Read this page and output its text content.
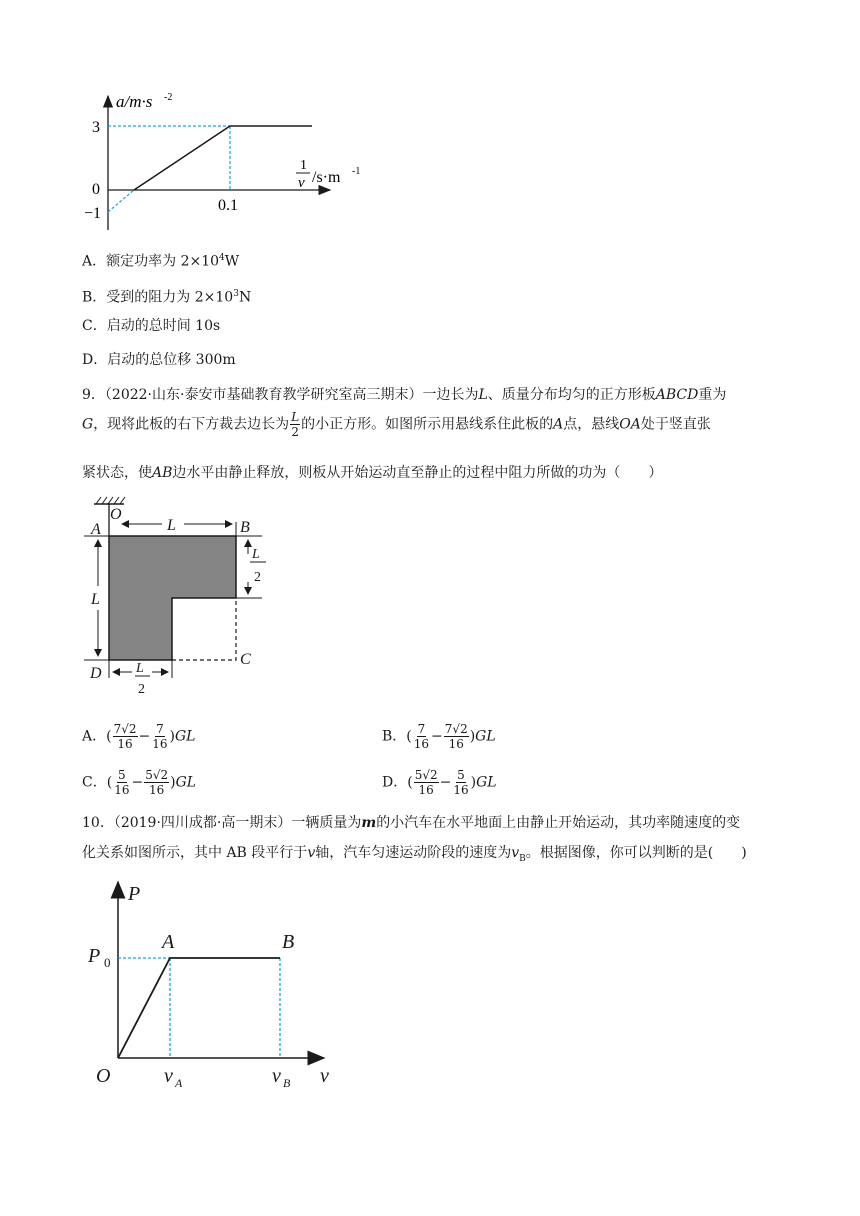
a/m·s -2
3
0
−1	0.1
1
v /s·m -1
A．额定功率为 $2\times 10^4W$
B．受到的阻力为 $2\times 10^3N$
C．启动的总时间 10s
D．启动的总位移 300m
9．（2022·山东·泰安市基础教育教学研究室高三期末）一边长为L、质量分布均匀的正方形板ABCD重为
G，现将此板的右下方裁去边长为 $\frac{L}{2}$ 的小正方形。如图所示用悬线系住此板的A点，悬线OA处于竖直张
紧状态，使AB边水平由静止释放，则板从开始运动直至静止的过程中阻力所做的功为（　　）
A
O
B
L
L
2
L
D
C
L
2
A．( $\frac{7√2}{16} - \frac{7}{16} )GL$	B．( $\frac{7}{16} - \frac{7√2}{16} )GL$
C．( $\frac{5}{16} - \frac{5√2}{16} )GL$	D．( $\frac{5√2}{16} - \frac{5}{16} )GL$
10．（2019·四川成都·高一期末）一辆质量为m的小汽车在水平地面上由静止开始运动，其功率随速度的变
化关系如图所示，其中 AB 段平行于v轴，汽车匀速运动阶段的速度为$v_B$。根据图像，你可以判断的是(　　)
P
P 0
A	B
O	v A	v B v
